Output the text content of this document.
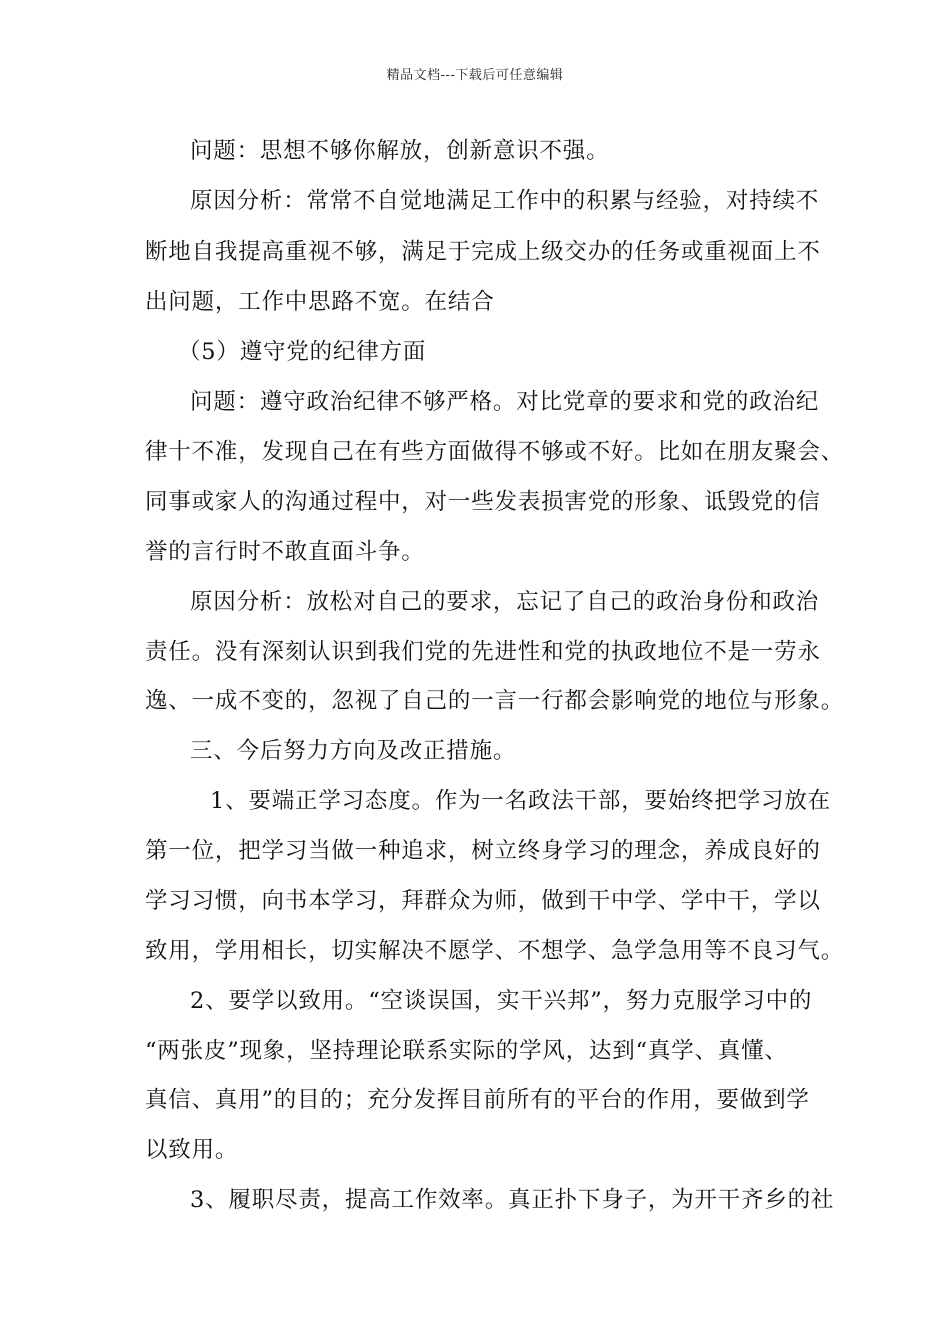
精品文档---下载后可任意编辑
问题：思想不够你解放，创新意识不强。
原因分析：常常不自觉地满足工作中的积累与经验，对持续不
断地自我提高重视不够，满足于完成上级交办的任务或重视面上不
出问题，工作中思路不宽。在结合
（5）遵守党的纪律方面
问题：遵守政治纪律不够严格。对比党章的要求和党的政治纪
律十不准，发现自己在有些方面做得不够或不好。比如在朋友聚会、
同事或家人的沟通过程中，对一些发表损害党的形象、诋毁党的信
誉的言行时不敢直面斗争。
原因分析：放松对自己的要求，忘记了自己的政治身份和政治
责任。没有深刻认识到我们党的先进性和党的执政地位不是一劳永
逸、一成不变的，忽视了自己的一言一行都会影响党的地位与形象。
三、今后努力方向及改正措施。
1、要端正学习态度。作为一名政法干部，要始终把学习放在
第一位，把学习当做一种追求，树立终身学习的理念，养成良好的
学习习惯，向书本学习，拜群众为师，做到干中学、学中干，学以
致用，学用相长，切实解决不愿学、不想学、急学急用等不良习气。
2、要学以致用。“空谈误国，实干兴邦”，努力克服学习中的
“两张皮”现象，坚持理论联系实际的学风，达到“真学、真懂、
真信、真用”的目的；充分发挥目前所有的平台的作用，要做到学
以致用。
3、履职尽责，提高工作效率。真正扑下身子，为开干齐乡的社
